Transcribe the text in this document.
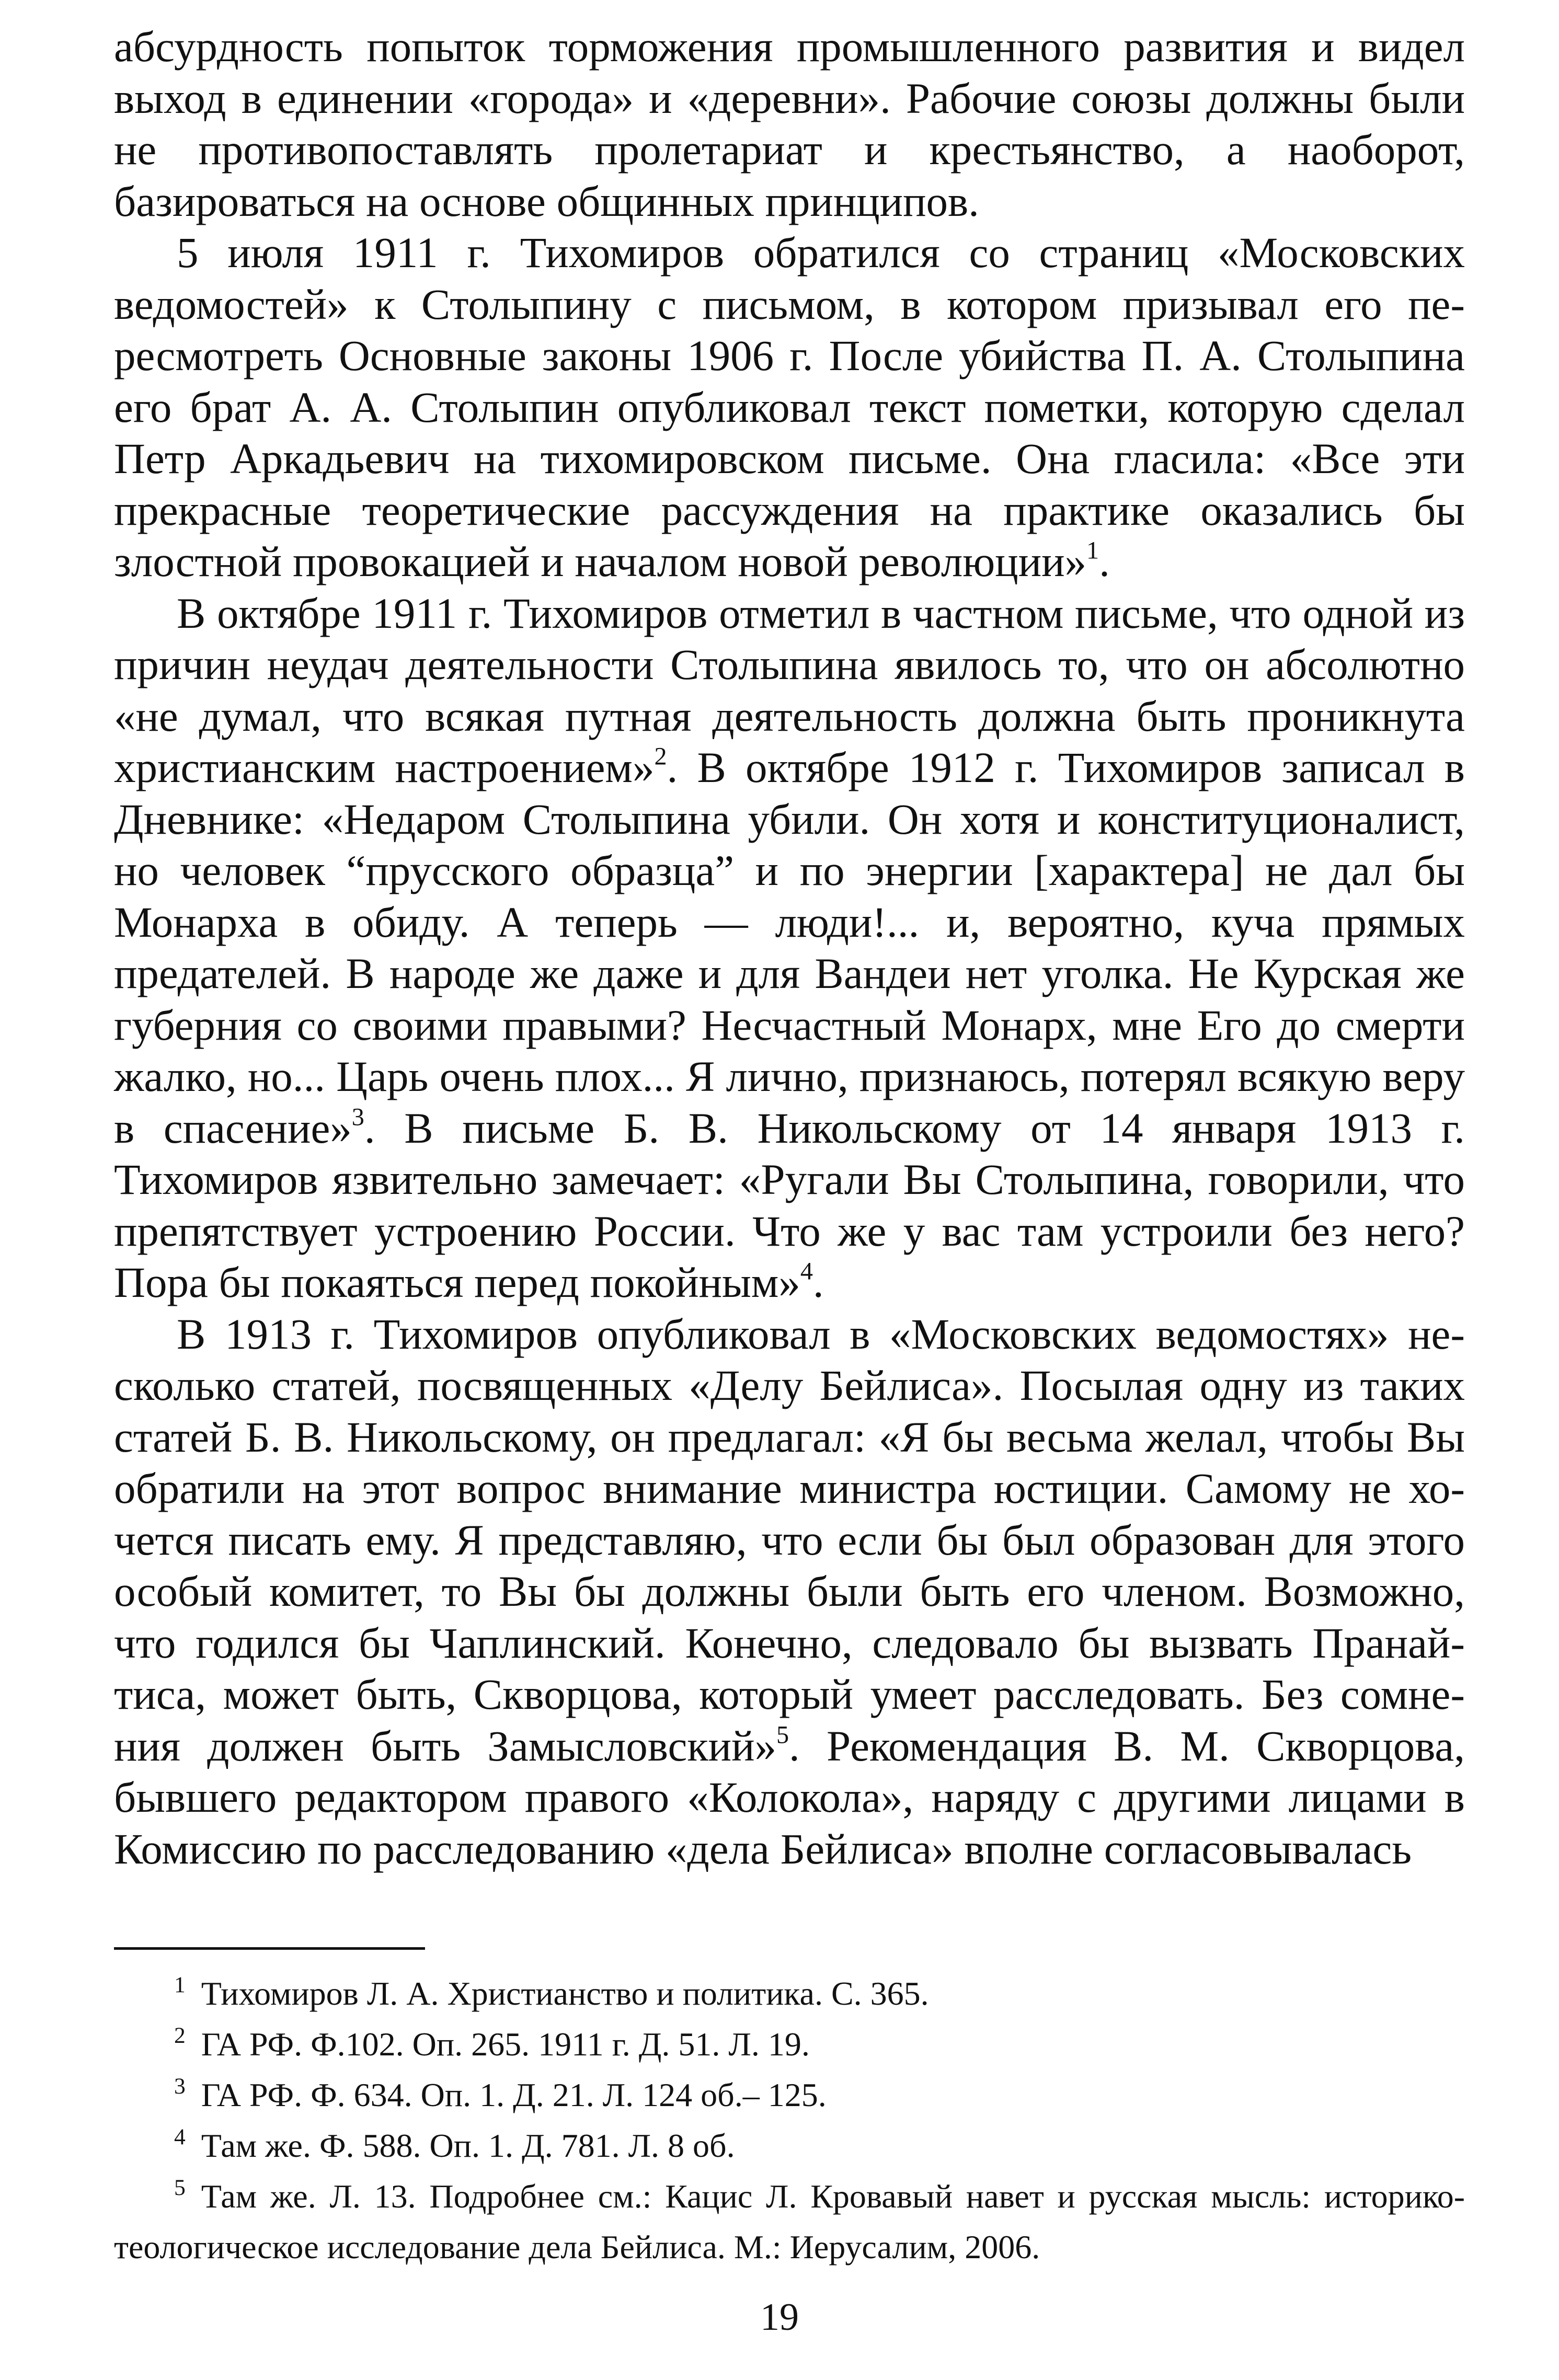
абсурдность попыток торможения промышленного развития и видел выход в единении «города» и «деревни». Рабочие союзы должны были не противопоставлять пролетариат и крестьянство, а наоборот, базироваться на основе общинных принципов.

5 июля 1911 г. Тихомиров обратился со страниц «Московских ведомостей» к Столыпину с письмом, в котором призывал его пересмотреть Основные законы 1906 г. После убийства П. А. Столыпина его брат А. А. Столыпин опубликовал текст пометки, которую сделал Петр Аркадьевич на тихомировском письме. Она гласила: «Все эти прекрасные теоретические рассуждения на практике оказались бы злостной провокацией и началом новой революции»$^1$.

В октябре 1911 г. Тихомиров отметил в частном письме, что одной из причин неудач деятельности Столыпина явилось то, что он абсолютно «не думал, что всякая путная деятельность должна быть проникнута христианским настроением»$^2$. В октябре 1912 г. Тихомиров записал в Дневнике: «Недаром Столыпина убили. Он хотя и конституционалист, но человек “прусского образца” и по энергии [характера] не дал бы Монарха в обиду. А теперь — люди!... и, вероятно, куча прямых предателей. В народе же даже и для Вандеи нет уголка. Не Курская же губерния со своими правыми? Несчастный Монарх, мне Его до смерти жалко, но... Царь очень плох... Я лично, признаюсь, потерял всякую веру в спасение»$^3$. В письме Б. В. Никольскому от 14 января 1913 г. Тихомиров язвительно замечает: «Ругали Вы Столыпина, говорили, что препятствует устроению России. Что же у вас там устроили без него? Пора бы покаяться перед покойным»$^4$.

В 1913 г. Тихомиров опубликовал в «Московских ведомостях» несколько статей, посвященных «Делу Бейлиса». Посылая одну из таких статей Б. В. Никольскому, он предлагал: «Я бы весьма желал, чтобы Вы обратили на этот вопрос внимание министра юстиции. Самому не хочется писать ему. Я представляю, что если бы был образован для этого особый комитет, то Вы бы должны были быть его членом. Возможно, что годился бы Чаплинский. Конечно, следовало бы вызвать Пранайтиса, может быть, Скворцова, который умеет расследовать. Без сомнения должен быть Замысловский»$^5$. Рекомендация В. М. Скворцова, бывшего редактором правого «Колокола», наряду с другими лицами в Комиссию по расследованию «дела Бейлиса» вполне согласовывалась

$^1$ Тихомиров Л. А. Христианство и политика. С. 365.

$^2$ ГА РФ. Ф.102. Оп. 265. 1911 г. Д. 51. Л. 19.

$^3$ ГА РФ. Ф. 634. Оп. 1. Д. 21. Л. 124 об.– 125.

$^4$ Там же. Ф. 588. Оп. 1. Д. 781. Л. 8 об.

$^5$ Там же. Л. 13. Подробнее см.: Кацис Л. Кровавый навет и русская мысль: историко-теологическое исследование дела Бейлиса. М.: Иерусалим, 2006.

19
